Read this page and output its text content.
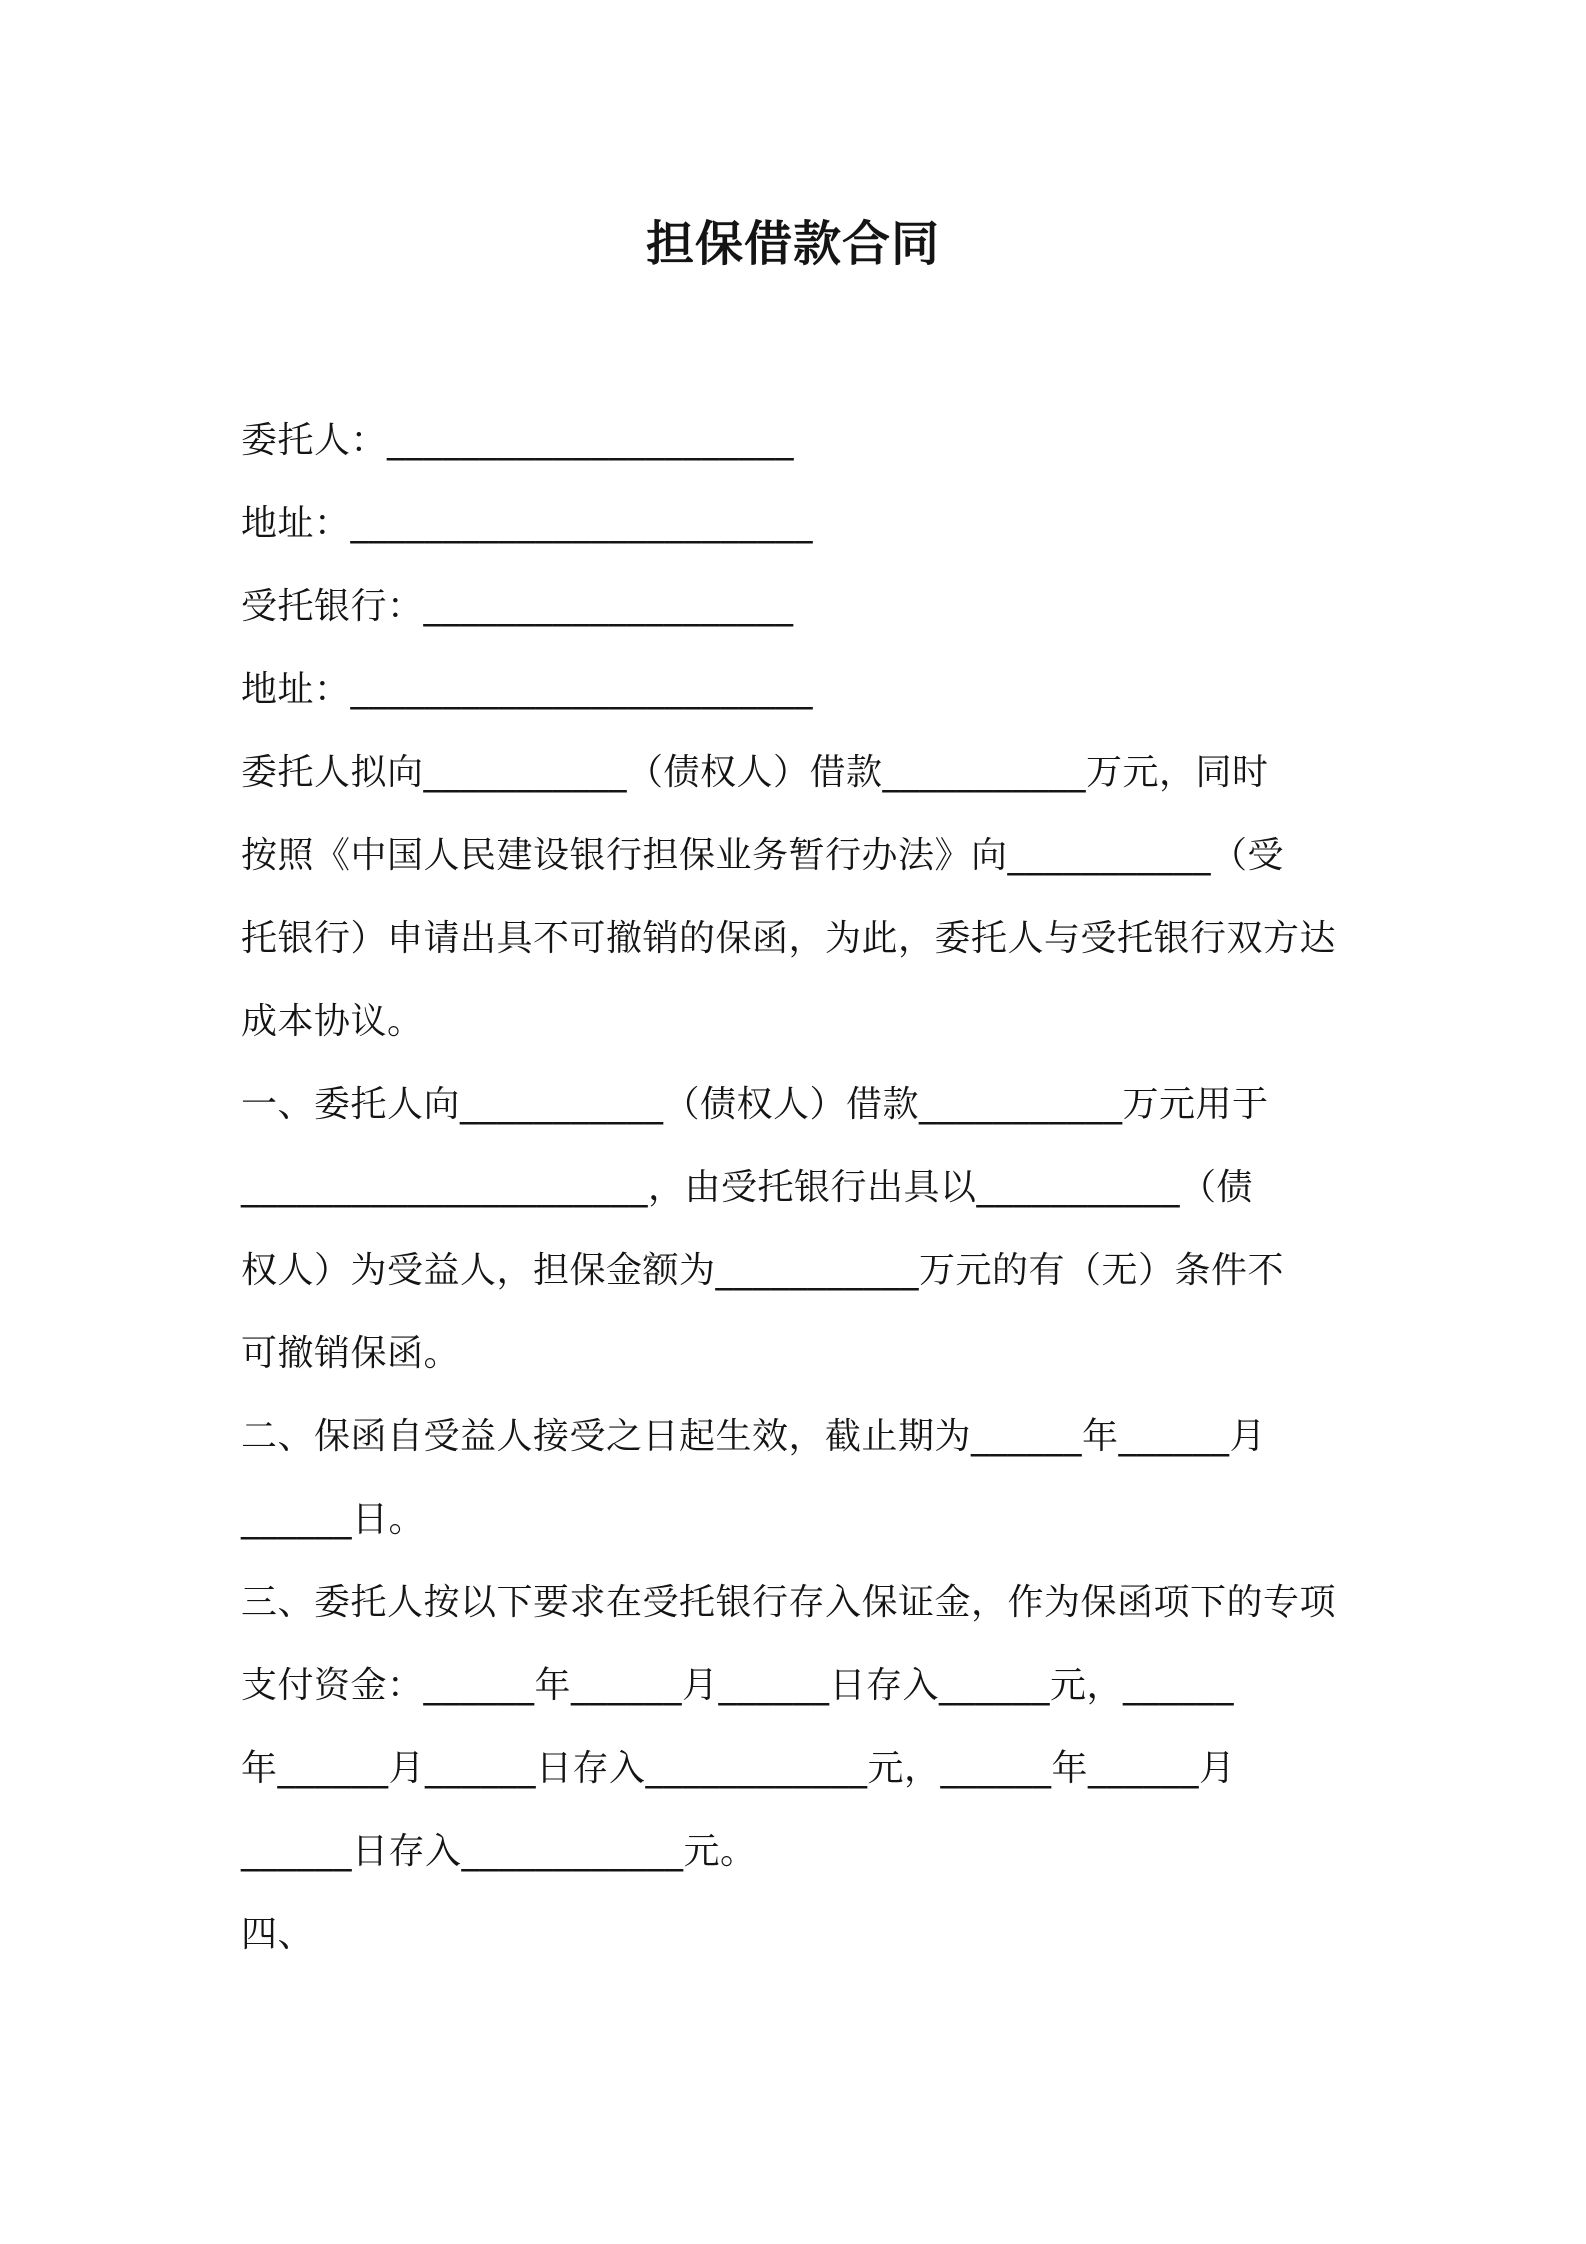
担保借款合同
委托人：______________________
地址：_________________________
受托银行：____________________
地址：_________________________
委托人拟向___________（债权人）借款___________万元，同时
按照《中国人民建设银行担保业务暂行办法》向___________（受
托银行）申请出具不可撤销的保函，为此，委托人与受托银行双方达
成本协议。
一、委托人向___________（债权人）借款___________万元用于
______________________，由受托银行出具以___________（债
权人）为受益人，担保金额为___________万元的有（无）条件不
可撤销保函。
二、保函自受益人接受之日起生效，截止期为______年______月
______日。
三、委托人按以下要求在受托银行存入保证金，作为保函项下的专项
支付资金：______年______月______日存入______元，______
年______月______日存入____________元，______年______月
______日存入____________元。
四、
